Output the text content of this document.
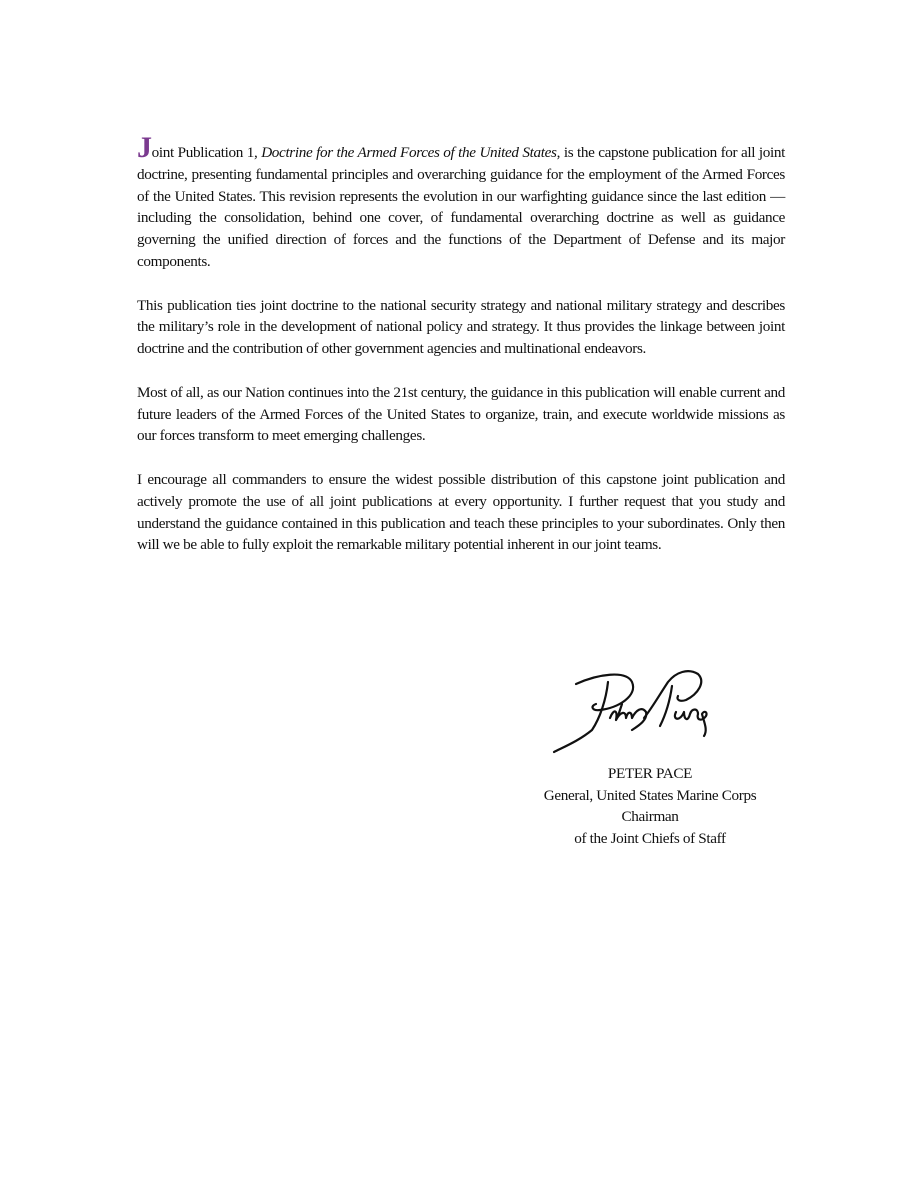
Joint Publication 1, Doctrine for the Armed Forces of the United States, is the capstone publication for all joint doctrine, presenting fundamental principles and overarching guidance for the employment of the Armed Forces of the United States. This revision represents the evolution in our warfighting guidance since the last edition — including the consolidation, behind one cover, of fundamental overarching doctrine as well as guidance governing the unified direction of forces and the functions of the Department of Defense and its major components.

This publication ties joint doctrine to the national security strategy and national military strategy and describes the military’s role in the development of national policy and strategy. It thus provides the linkage between joint doctrine and the contribution of other government agencies and multinational endeavors.

Most of all, as our Nation continues into the 21st century, the guidance in this publication will enable current and future leaders of the Armed Forces of the United States to organize, train, and execute worldwide missions as our forces transform to meet emerging challenges.

I encourage all commanders to ensure the widest possible distribution of this capstone joint publication and actively promote the use of all joint publications at every opportunity. I further request that you study and understand the guidance contained in this publication and teach these principles to your subordinates. Only then will we be able to fully exploit the remarkable military potential inherent in our joint teams.

PETER PACE
General, United States Marine Corps
Chairman
of the Joint Chiefs of Staff
